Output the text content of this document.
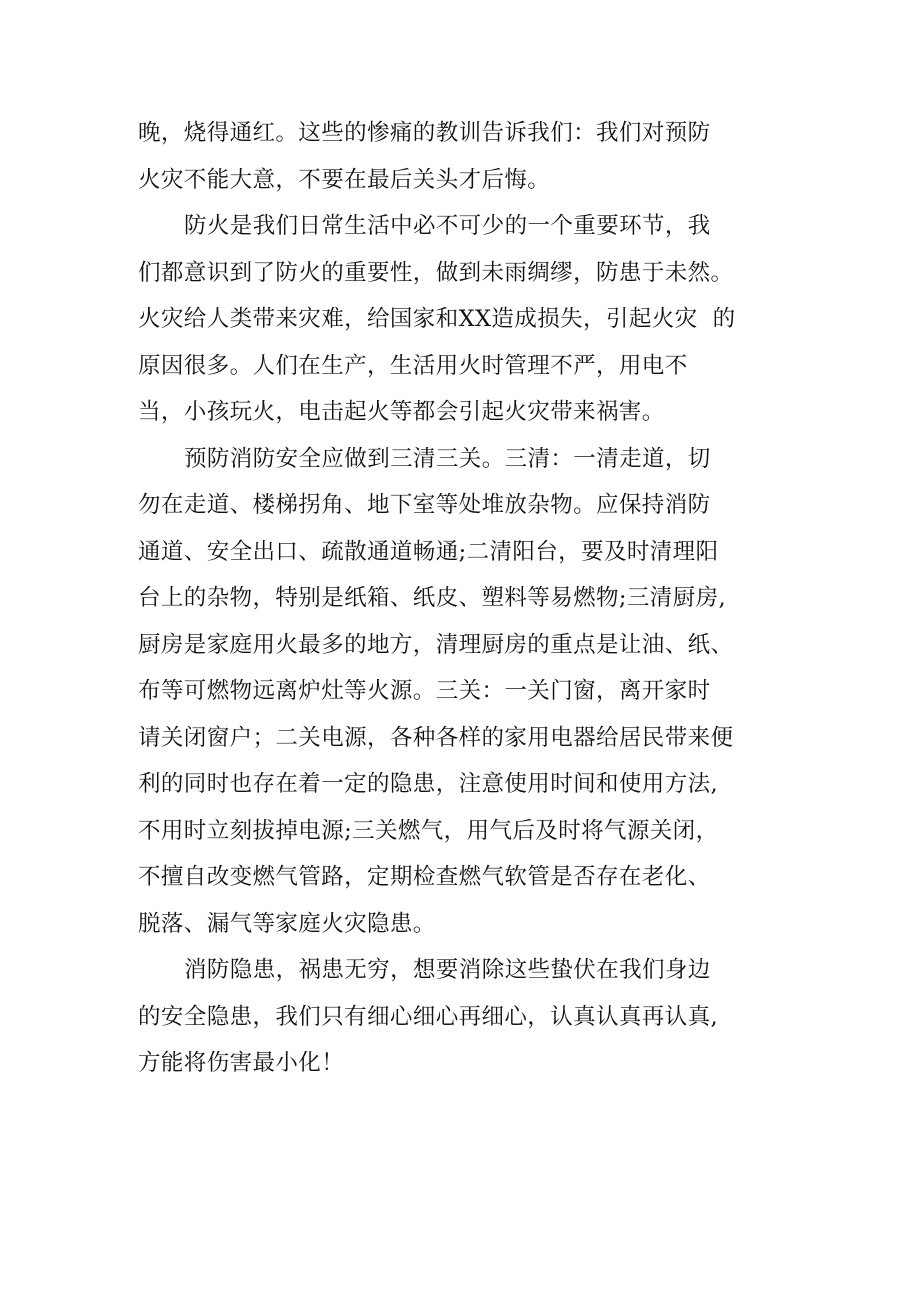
晚，烧得通红。这些的惨痛的教训告诉我们：我们对预防
火灾不能大意，不要在最后关头才后悔。
防火是我们日常生活中必不可少的一个重要环节，我
们都意识到了防火的重要性，做到未雨绸缪，防患于未然。
火灾给人类带来灾难，给国家和XX造成损失，引起火灾  的
原因很多。人们在生产，生活用火时管理不严，用电不
当，小孩玩火，电击起火等都会引起火灾带来祸害。
预防消防安全应做到三清三关。三清：一清走道，切
勿在走道、楼梯拐角、地下室等处堆放杂物。应保持消防
通道、安全出口、疏散通道畅通;二清阳台，要及时清理阳
台上的杂物，特别是纸箱、纸皮、塑料等易燃物;三清厨房,
厨房是家庭用火最多的地方，清理厨房的重点是让油、纸、
布等可燃物远离炉灶等火源。三关：一关门窗，离开家时
请关闭窗户；二关电源，各种各样的家用电器给居民带来便
利的同时也存在着一定的隐患，注意使用时间和使用方法,
不用时立刻拔掉电源;三关燃气，用气后及时将气源关闭，
不擅自改变燃气管路，定期检查燃气软管是否存在老化、
脱落、漏气等家庭火灾隐患。
消防隐患，祸患无穷，想要消除这些蛰伏在我们身边
的安全隐患，我们只有细心细心再细心，认真认真再认真,
方能将伤害最小化！
